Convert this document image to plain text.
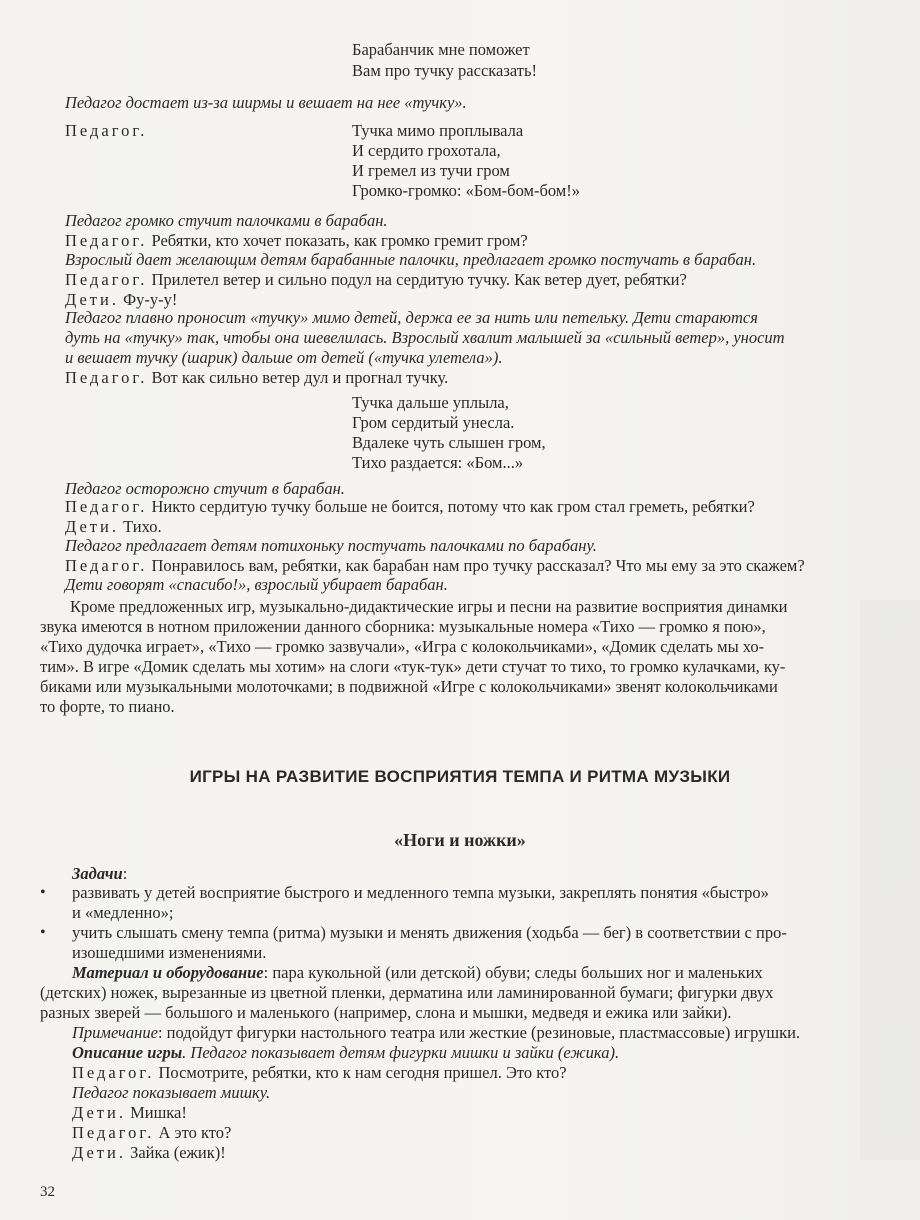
Барабанчик мне поможет

Вам про тучку рассказать!

Педагог достает из-за ширмы и вешает на нее «тучку».

Педагог.	Тучка мимо проплывала

И сердито грохотала,

И гремел из тучи гром

Громко-громко: «Бом-бом-бом!»

Педагог громко стучит палочками в барабан.

Педагог. Ребятки, кто хочет показать, как громко гремит гром?

Взрослый дает желающим детям барабанные палочки, предлагает громко постучать в барабан.

Педагог. Прилетел ветер и сильно подул на сердитую тучку. Как ветер дует, ребятки?

Дети. Фу-у-у!

Педагог плавно проносит «тучку» мимо детей, держа ее за нить или петельку. Дети стараются

дуть на «тучку» так, чтобы она шевелилась. Взрослый хвалит малышей за «сильный ветер», уносит

и вешает тучку (шарик) дальше от детей («тучка улетела»).

Педагог. Вот как сильно ветер дул и прогнал тучку.

Тучка дальше уплыла,

Гром сердитый унесла.

Вдалеке чуть слышен гром,

Тихо раздается: «Бом...»

Педагог осторожно стучит в барабан.

Педагог. Никто сердитую тучку больше не боится, потому что как гром стал греметь, ребятки?

Дети. Тихо.

Педагог предлагает детям потихоньку постучать палочками по барабану.

Педагог. Понравилось вам, ребятки, как барабан нам про тучку рассказал? Что мы ему за это скажем?

Дети говорят «спасибо!», взрослый убирает барабан.

Кроме предложенных игр, музыкально-дидактические игры и песни на развитие восприятия динамки

звука имеются в нотном приложении данного сборника: музыкальные номера «Тихо — громко я пою»,

«Тихо дудочка играет», «Тихо — громко зазвучали», «Игра с колокольчиками», «Домик сделать мы хо-

тим». В игре «Домик сделать мы хотим» на слоги «тук-тук» дети стучат то тихо, то громко кулачками, ку-

биками или музыкальными молоточками; в подвижной «Игре с колокольчиками» звенят колокольчиками

то форте, то пиано.

ИГРЫ НА РАЗВИТИЕ ВОСПРИЯТИЯ ТЕМПА И РИТМА МУЗЫКИ
«Ноги и ножки»

Задачи:

• развивать у детей восприятие быстрого и медленного темпа музыки, закреплять понятия «быстро»

и «медленно»;

• учить слышать смену темпа (ритма) музыки и менять движения (ходьба — бег) в соответствии с про-

изошедшими изменениями.

Материал и оборудование: пара кукольной (или детской) обуви; следы больших ног и маленьких

(детских) ножек, вырезанные из цветной пленки, дерматина или ламинированной бумаги; фигурки двух

разных зверей — большого и маленького (например, слона и мышки, медведя и ежика или зайки).

Примечание: подойдут фигурки настольного театра или жесткие (резиновые, пластмассовые) игрушки.

Описание игры. Педагог показывает детям фигурки мишки и зайки (ежика).

Педагог. Посмотрите, ребятки, кто к нам сегодня пришел. Это кто?

Педагог показывает мишку.

Дети. Мишка!

Педагог. А это кто?

Дети. Зайка (ежик)!

32
